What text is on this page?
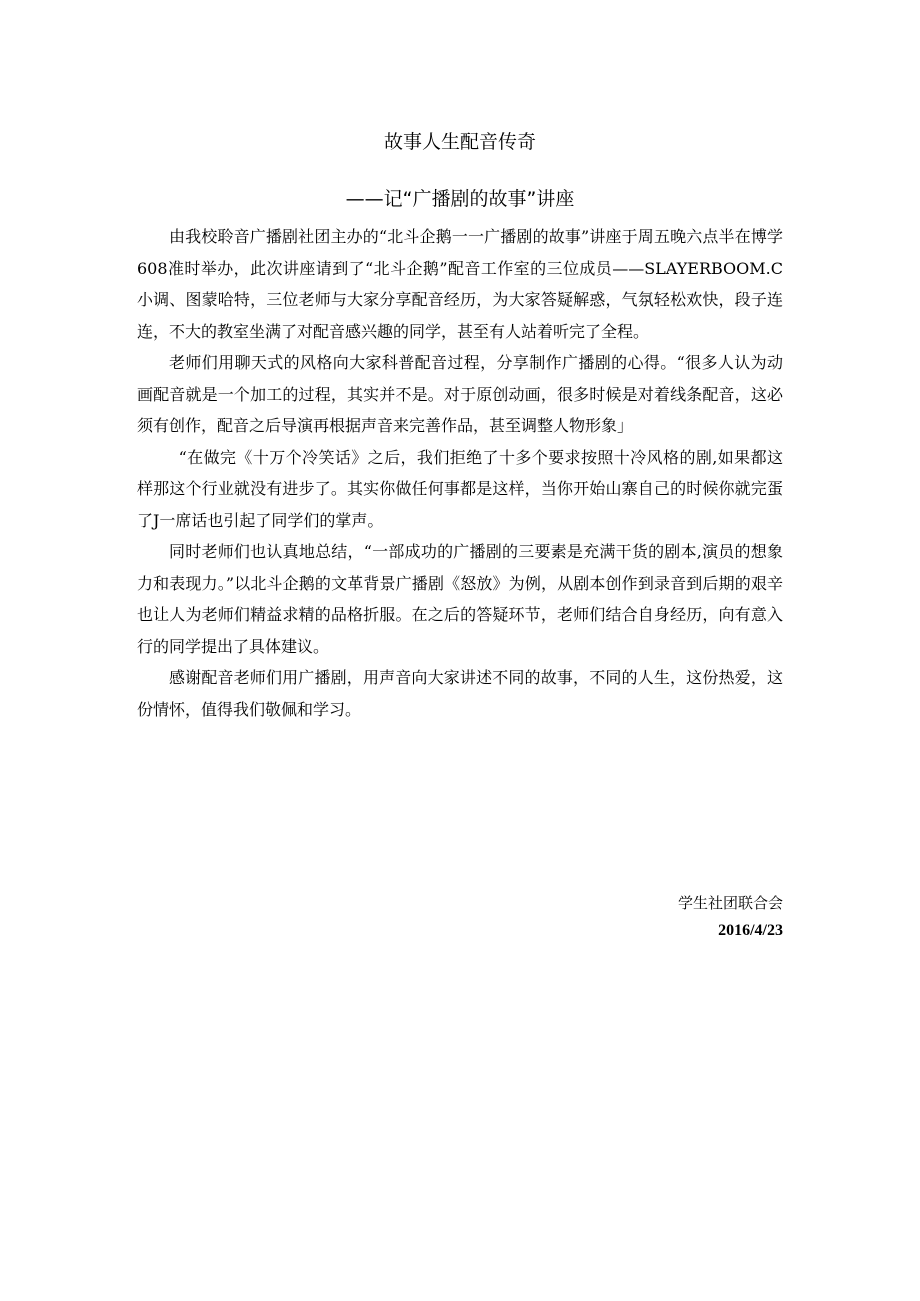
故事人生配音传奇
——记“广播剧的故事”讲座

由我校聆音广播剧社团主办的“北斗企鹅一一广播剧的故事”讲座于周五晚六点半在博学608准时举办，此次讲座请到了“北斗企鹅”配音工作室的三位成员——SLAYERBOOM.C小调、图蒙哈特，三位老师与大家分享配音经历，为大家答疑解惑，气氛轻松欢快，段子连连，不大的教室坐满了对配音感兴趣的同学，甚至有人站着听完了全程。

老师们用聊天式的风格向大家科普配音过程，分享制作广播剧的心得。“很多人认为动画配音就是一个加工的过程，其实并不是。对于原创动画，很多时候是对着线条配音，这必须有创作，配音之后导演再根据声音来完善作品，甚至调整人物形象」

“在做完《十万个冷笑话》之后，我们拒绝了十多个要求按照十冷风格的剧,如果都这样那这个行业就没有进步了。其实你做任何事都是这样，当你开始山寨自己的时候你就完蛋了J一席话也引起了同学们的掌声。

同时老师们也认真地总结，“一部成功的广播剧的三要素是充满干货的剧本,演员的想象力和表现力。”以北斗企鹅的文革背景广播剧《怒放》为例，从剧本创作到录音到后期的艰辛也让人为老师们精益求精的品格折服。在之后的答疑环节，老师们结合自身经历，向有意入行的同学提出了具体建议。

感谢配音老师们用广播剧，用声音向大家讲述不同的故事，不同的人生，这份热爱，这份情怀，值得我们敬佩和学习。

学生社团联合会
2016/4/23
